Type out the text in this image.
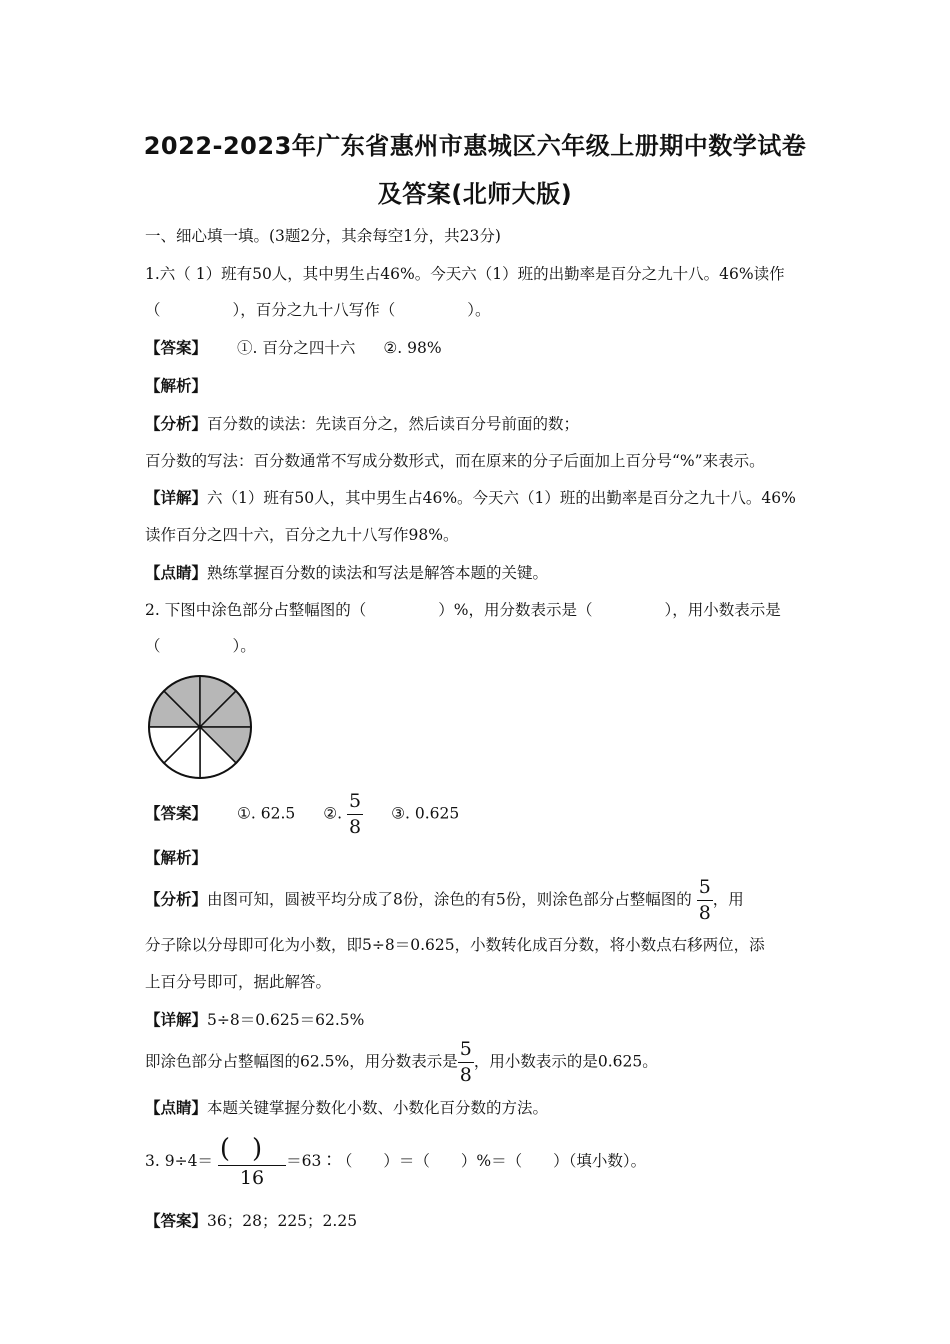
2022-2023年广东省惠州市惠城区六年级上册期中数学试卷
及答案(北师大版)
一、细心填一填。(3题2分，其余每空1分，共23分)
1.六（ 1）班有50人，其中男生占46%。今天六（1）班的出勤率是百分之九十八。46%读作
（	），百分之九十八写作（	）。
【答案】 ①. 百分之四十六 ②. 98%
【解析】
【分析】百分数的读法：先读百分之，然后读百分号前面的数；
百分数的写法：百分数通常不写成分数形式，而在原来的分子后面加上百分号“%”来表示。
【详解】六（1）班有50人，其中男生占46%。今天六（1）班的出勤率是百分之九十八。46%
读作百分之四十六，百分之九十八写作98%。
【点睛】熟练掌握百分数的读法和写法是解答本题的关键。
2. 下图中涂色部分占整幅图的（	）%，用分数表示是（	），用小数表示是
（	）。
【答案】 ①. 62.5 ②. $\frac{5}{8}$ ③. 0.625
【解析】
【分析】由图可知，圆被平均分成了8份，涂色的有5份，则涂色部分占整幅图的 $\frac{5}{8}$ ，用
分子除以分母即可化为小数，即5÷8＝0.625，小数转化成百分数，将小数点右移两位，添
上百分号即可，据此解答。
【详解】5÷8＝0.625＝62.5%
即涂色部分占整幅图的62.5%，用分数表示是 $\frac{5}{8}$ ，用小数表示的是0.625。
【点睛】本题关键掌握分数化小数、小数化百分数的方法。
3. $9\div 4= \frac{()}{16}$ ＝63∶（　　）＝（　　）%＝（　　）（填小数）。
【答案】36；28；225；2.25
